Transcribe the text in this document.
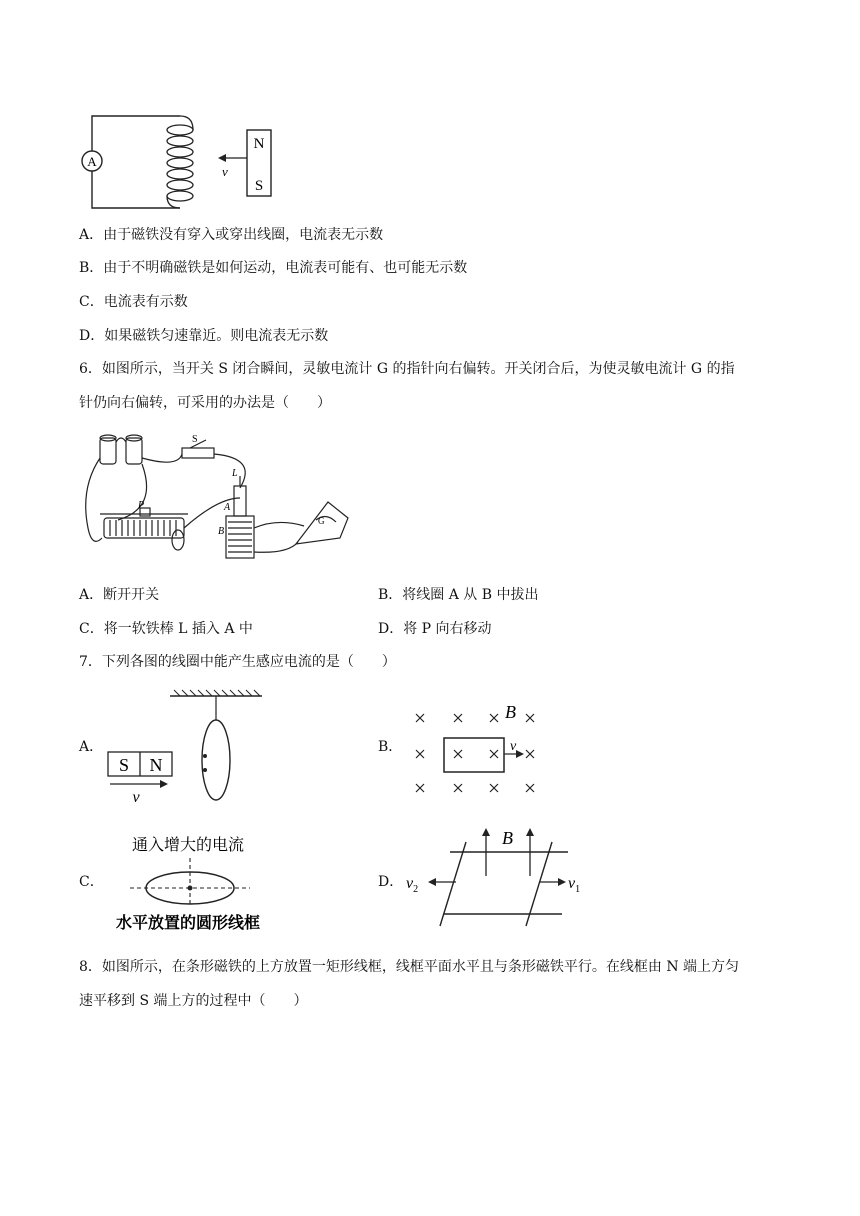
A
v
N
S
A．由于磁铁没有穿入或穿出线圈，电流表无示数
B．由于不明确磁铁是如何运动，电流表可能有、也可能无示数
C．电流表有示数
D．如果磁铁匀速靠近。则电流表无示数
6．如图所示，当开关 S 闭合瞬间，灵敏电流计 G 的指针向右偏转。开关闭合后，为使灵敏电流计 G 的指
针仍向右偏转，可采用的办法是（　　）
S
P
L
A
B
G
A．断开开关	B．将线圈 A 从 B 中拔出
C．将一软铁棒 L 插入 A 中	D．将 P 向右移动
7．下列各图的线圈中能产生感应电流的是（　　）
A．
S N
v
B．
B
v
C．
通入增大的电流
水平放置的圆形线框
D．
B
$v_2$	$v_1$
8．如图所示，在条形磁铁的上方放置一矩形线框，线框平面水平且与条形磁铁平行。在线框由 N 端上方匀
速平移到 S 端上方的过程中（　　）
